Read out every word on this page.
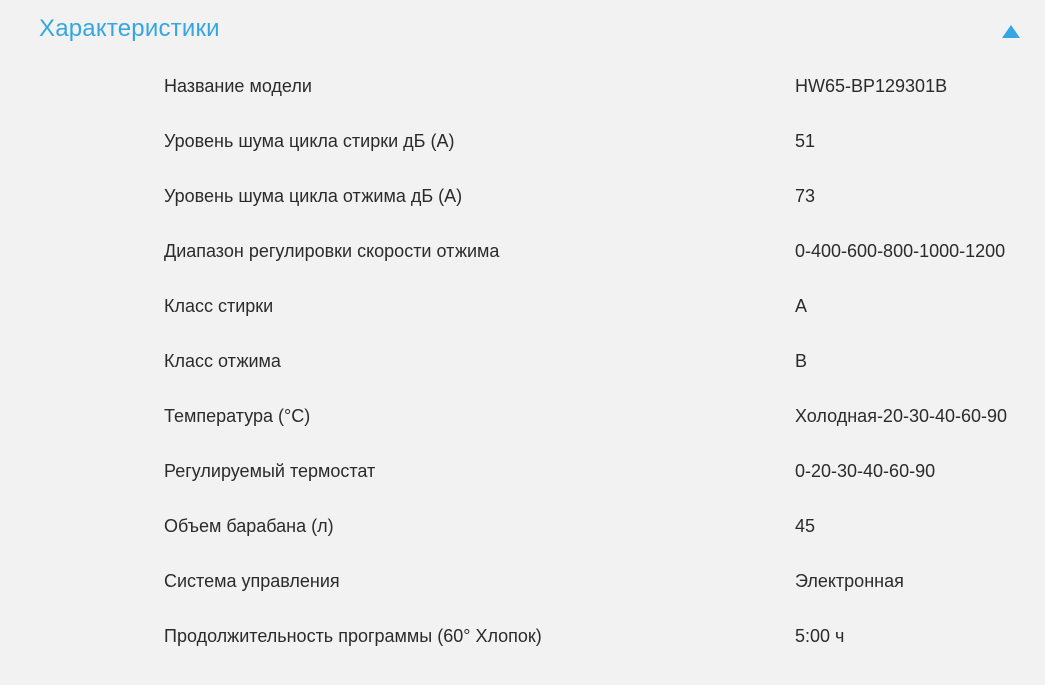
Характеристики
Название модели	HW65-BP129301B
Уровень шума цикла стирки дБ (А)	51
Уровень шума цикла отжима дБ (А)	73
Диапазон регулировки скорости отжима	0-400-600-800-1000-1200
Класс стирки	A
Класс отжима	B
Температура (°С)	Холодная-20-30-40-60-90
Регулируемый термостат	0-20-30-40-60-90
Объем барабана (л)	45
Система управления	Электронная
Продолжительность программы (60° Хлопок)	5:00 ч
